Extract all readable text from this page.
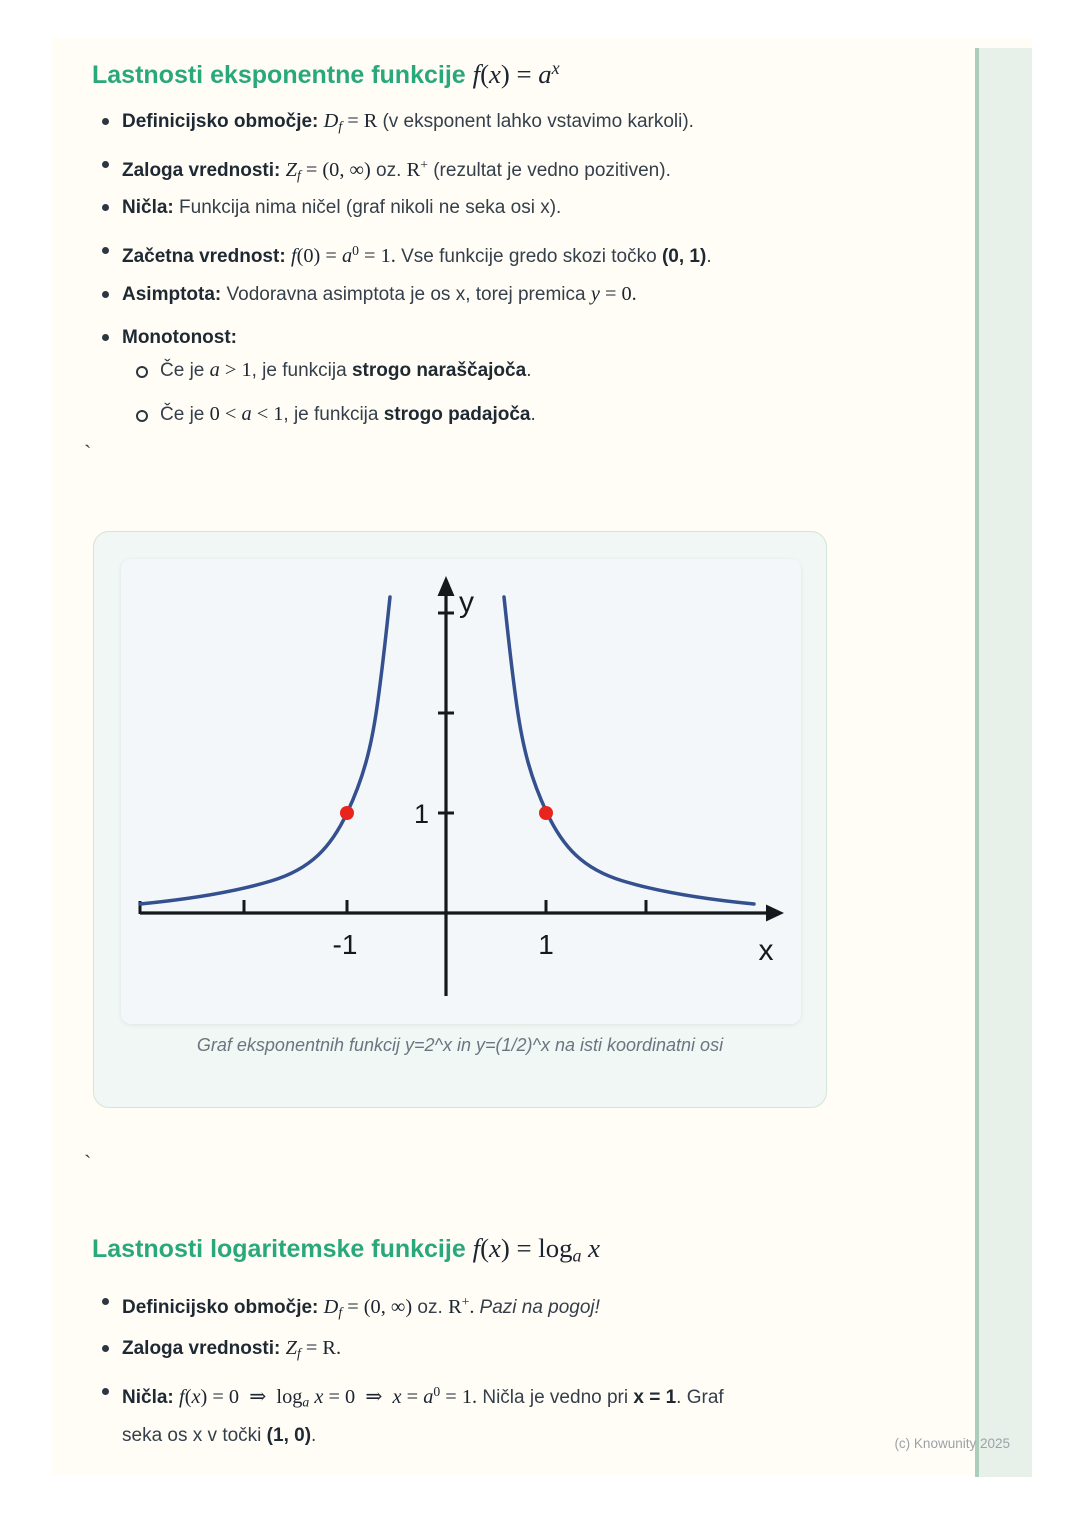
Lastnosti eksponentne funkcije $f(x) = a^x$
Definicijsko območje: $D_f = R$ (v eksponent lahko vstavimo karkoli).
Zaloga vrednosti: $Z_f = (0$, ∞) oz. R+ (rezultat je vedno pozitiven).
Ničla: Funkcija nima ničel (graf nikoli ne seka osi x).
Začetna vrednost: $f(0) = a^0 = 1$. Vse funkcije gredo skozi točko (0, 1).
Asimptota: Vodoravna asimptota je os x, torej premica y = 0.
Monotonost:
Če je a > 1, je funkcija strogo naraščajoča.
Če je 0 < a < 1, je funkcija strogo padajoča.
`
y
x
1
-1	1
Graf eksponentnih funkcij y=2^x in y=(1/2)^x na isti koordinatni osi
`
Lastnosti logaritemske funkcije $f(x) = \log_a x$
Definicijsko območje: $D_f = (0$, ∞) oz. R+. Pazi na pogoj!
Zaloga vrednosti: $Z_f = R$.
Ničla: f(x) = 0  ⇒  $\log_a x = 0$  ⇒  $x = a^0 = 1$. Ničla je vedno pri x = 1. Graf
seka os x v točki (1, 0).	(c) Knowunity 2025
